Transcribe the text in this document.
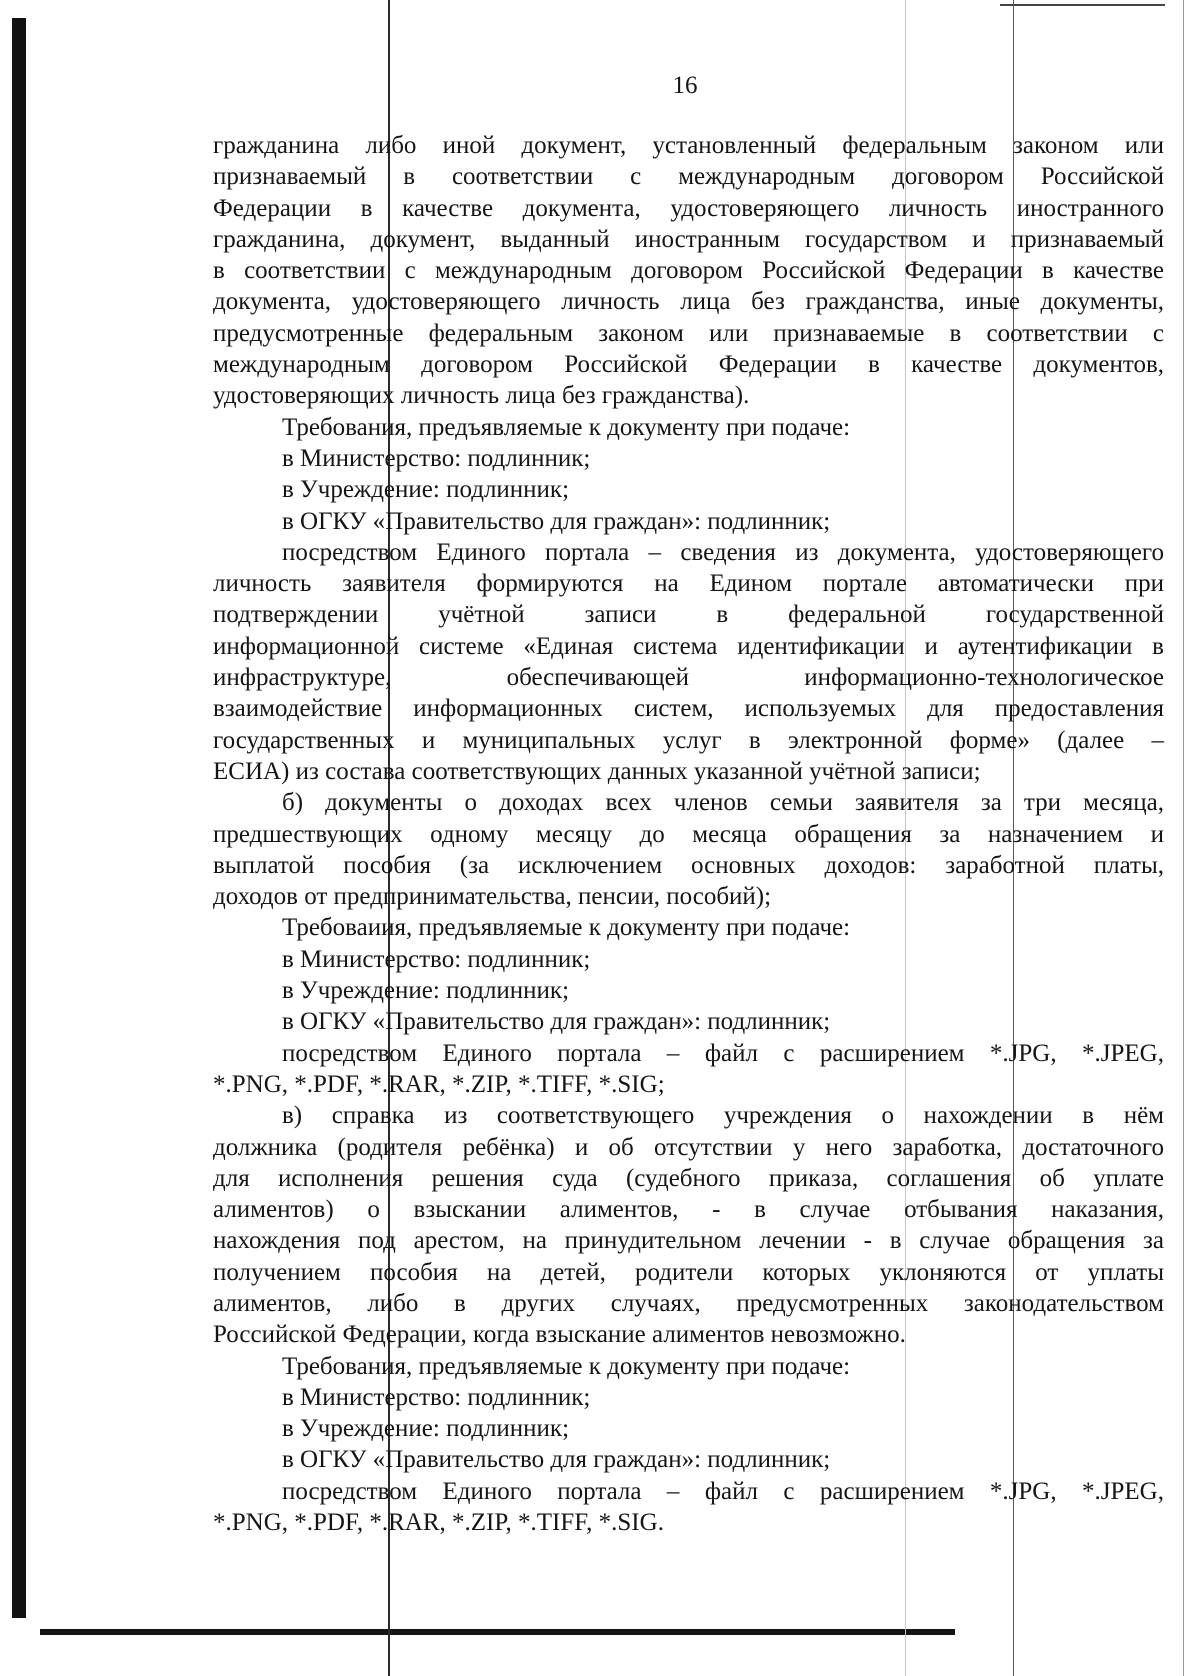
16
гражданина либо иной документ, установленный федеральным законом или
признаваемый в соответствии с международным договором Российской
Федерации в качестве документа, удостоверяющего личность иностранного
гражданина, документ, выданный иностранным государством и признаваемый
в соответствии с международным договором Российской Федерации в качестве
документа, удостоверяющего личность лица без гражданства, иные документы,
предусмотренные федеральным законом или признаваемые в соответствии с
международным договором Российской Федерации в качестве документов,
удостоверяющих личность лица без гражданства).
Требования, предъявляемые к документу при подаче:
в Министерство: подлинник;
в Учреждение: подлинник;
в ОГКУ «Правительство для граждан»: подлинник;
посредством Единого портала – сведения из документа, удостоверяющего
личность заявителя формируются на Едином портале автоматически при
подтверждении учётной записи в федеральной государственной
информационной системе «Единая система идентификации и аутентификации в
инфраструктуре, обеспечивающей информационно-технологическое
взаимодействие информационных систем, используемых для предоставления
государственных и муниципальных услуг в электронной форме» (далее –
ЕСИА) из состава соответствующих данных указанной учётной записи;
б) документы о доходах всех членов семьи заявителя за три месяца,
предшествующих одному месяцу до месяца обращения за назначением и
выплатой пособия (за исключением основных доходов: заработной платы,
доходов от предпринимательства, пенсии, пособий);
Требоваиия, предъявляемые к документу при подаче:
в Министерство: подлинник;
в Учреждение: подлинник;
в ОГКУ «Правительство для граждан»: подлинник;
посредством Единого портала – файл с расширением *.JPG, *.JPEG,
*.PNG, *.PDF, *.RAR, *.ZIP, *.TIFF, *.SIG;
в) справка из соответствующего учреждения о нахождении в нём
должника (родителя ребёнка) и об отсутствии у него заработка, достаточного
для исполнения решения суда (судебного приказа, соглашения об уплате
алиментов) о взыскании алиментов, - в случае отбывания наказания,
нахождения под арестом, на принудительном лечении - в случае обращения за
получением пособия на детей, родители которых уклоняются от уплаты
алиментов, либо в других случаях, предусмотренных законодательством
Российской Федерации, когда взыскание алиментов невозможно.
Требования, предъявляемые к документу при подаче:
в Министерство: подлинник;
в Учреждение: подлинник;
в ОГКУ «Правительство для граждан»: подлинник;
посредством Единого портала – файл с расширением *.JPG, *.JPEG,
*.PNG, *.PDF, *.RAR, *.ZIP, *.TIFF, *.SIG.
